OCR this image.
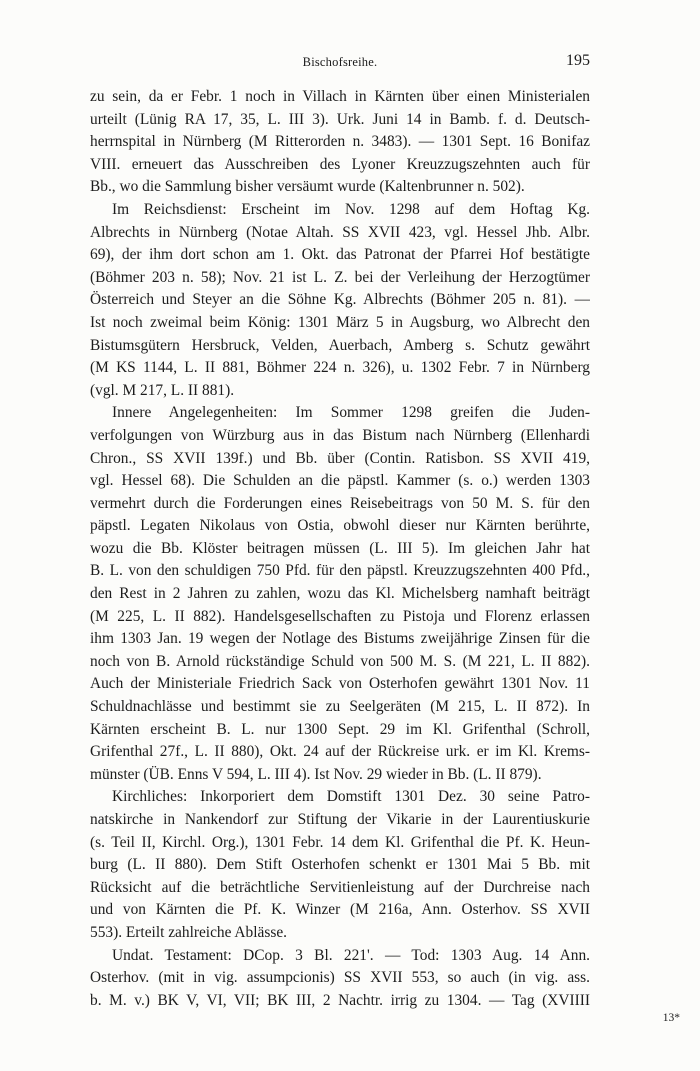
Bischofsreihe.	195
zu sein, da er Febr. 1 noch in Villach in Kärnten über einen Ministerialen
urteilt (Lünig RA 17, 35, L. III 3). Urk. Juni 14 in Bamb. f. d. Deutsch-
herrnspital in Nürnberg (M Ritterorden n. 3483). — 1301 Sept. 16 Bonifaz
VIII. erneuert das Ausschreiben des Lyoner Kreuzzugszehnten auch für
Bb., wo die Sammlung bisher versäumt wurde (Kaltenbrunner n. 502).
Im Reichsdienst: Erscheint im Nov. 1298 auf dem Hoftag Kg.
Albrechts in Nürnberg (Notae Altah. SS XVII 423, vgl. Hessel Jhb. Albr.
69), der ihm dort schon am 1. Okt. das Patronat der Pfarrei Hof bestätigte
(Böhmer 203 n. 58); Nov. 21 ist L. Z. bei der Verleihung der Herzogtümer
Österreich und Steyer an die Söhne Kg. Albrechts (Böhmer 205 n. 81). —
Ist noch zweimal beim König: 1301 März 5 in Augsburg, wo Albrecht den
Bistumsgütern Hersbruck, Velden, Auerbach, Amberg s. Schutz gewährt
(M KS 1144, L. II 881, Böhmer 224 n. 326), u. 1302 Febr. 7 in Nürnberg
(vgl. M 217, L. II 881).
Innere Angelegenheiten: Im Sommer 1298 greifen die Juden-
verfolgungen von Würzburg aus in das Bistum nach Nürnberg (Ellenhardi
Chron., SS XVII 139f.) und Bb. über (Contin. Ratisbon. SS XVII 419,
vgl. Hessel 68). Die Schulden an die päpstl. Kammer (s. o.) werden 1303
vermehrt durch die Forderungen eines Reisebeitrags von 50 M. S. für den
päpstl. Legaten Nikolaus von Ostia, obwohl dieser nur Kärnten berührte,
wozu die Bb. Klöster beitragen müssen (L. III 5). Im gleichen Jahr hat
B. L. von den schuldigen 750 Pfd. für den päpstl. Kreuzzugszehnten 400 Pfd.,
den Rest in 2 Jahren zu zahlen, wozu das Kl. Michelsberg namhaft beiträgt
(M 225, L. II 882). Handelsgesellschaften zu Pistoja und Florenz erlassen
ihm 1303 Jan. 19 wegen der Notlage des Bistums zweijährige Zinsen für die
noch von B. Arnold rückständige Schuld von 500 M. S. (M 221, L. II 882).
Auch der Ministeriale Friedrich Sack von Osterhofen gewährt 1301 Nov. 11
Schuldnachlässe und bestimmt sie zu Seelgeräten (M 215, L. II 872). In
Kärnten erscheint B. L. nur 1300 Sept. 29 im Kl. Grifenthal (Schroll,
Grifenthal 27f., L. II 880), Okt. 24 auf der Rückreise urk. er im Kl. Krems-
münster (ÜB. Enns V 594, L. III 4). Ist Nov. 29 wieder in Bb. (L. II 879).
Kirchliches: Inkorporiert dem Domstift 1301 Dez. 30 seine Patro-
natskirche in Nankendorf zur Stiftung der Vikarie in der Laurentiuskurie
(s. Teil II, Kirchl. Org.), 1301 Febr. 14 dem Kl. Grifenthal die Pf. K. Heun-
burg (L. II 880). Dem Stift Osterhofen schenkt er 1301 Mai 5 Bb. mit
Rücksicht auf die beträchtliche Servitienleistung auf der Durchreise nach
und von Kärnten die Pf. K. Winzer (M 216a, Ann. Osterhov. SS XVII
553). Erteilt zahlreiche Ablässe.
Undat. Testament: DCop. 3 Bl. 221'. — Tod: 1303 Aug. 14 Ann.
Osterhov. (mit in vig. assumpcionis) SS XVII 553, so auch (in vig. ass.
b. M. v.) BK V, VI, VII; BK III, 2 Nachtr. irrig zu 1304. — Tag (XVIIII
13*
